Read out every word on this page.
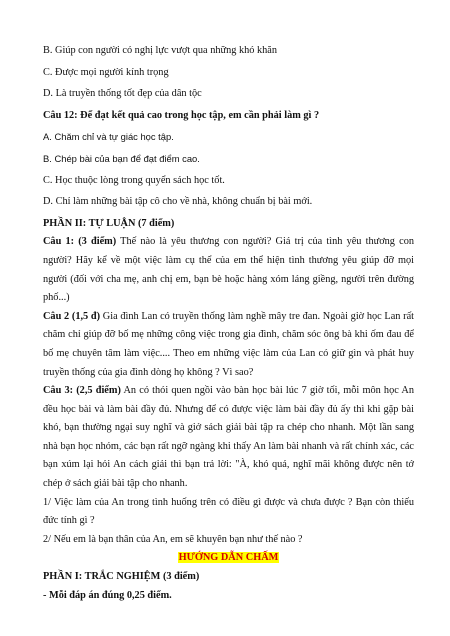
B. Giúp con người có nghị lực vượt qua những khó khăn

C. Được mọi người kính trọng

D. Là truyền thống tốt đẹp của dân tộc

Câu 12: Để đạt kết quả cao trong học tập, em cần phải làm gì ?

A. Chăm chỉ và tự giác học tập.

B. Chép bài của bạn để đạt điểm cao.

C. Học thuộc lòng trong quyển sách học tốt.

D. Chỉ làm những bài tập cô cho về nhà, không chuẩn bị bài mới.

PHẦN II: TỰ LUẬN (7 điểm)

Câu 1: (3 điểm) Thế nào là yêu thương con người? Giá trị của tình yêu thương con người? Hãy kể về một việc làm cụ thể của em thể hiện tình thương yêu giúp đỡ mọi người (đối với cha mẹ, anh chị em, bạn bè hoặc hàng xóm láng giềng, người trên đường phố...)

Câu 2 (1,5 đ) Gia đình Lan có truyền thống làm nghề mây tre đan. Ngoài giờ học Lan rất chăm chỉ giúp đỡ bố mẹ những công việc trong gia đình, chăm sóc ông bà khi ốm đau để bố mẹ chuyên tâm làm việc.... Theo em những việc làm của Lan có giữ gìn và phát huy truyền thống của gia đình dòng họ không ? Vì sao?

Câu 3: (2,5 điểm) An có thói quen ngồi vào bàn học bài lúc 7 giờ tối, mỗi môn học An đều học bài và làm bài đầy đủ. Nhưng để có được việc làm bài đầy đủ ấy thì khi gặp bài khó, bạn thường ngại suy nghĩ và giở sách giải bài tập ra chép cho nhanh. Một lần sang nhà bạn học nhóm, các bạn rất ngỡ ngàng khi thấy An làm bài nhanh và rất chính xác, các bạn xúm lại hỏi An cách giải thì bạn trả lời: "À, khó quá, nghĩ mãi không được nên tớ chép ở sách giải bài tập cho nhanh.

1/ Việc làm của An trong tình huống trên có điều gì được và chưa được ? Bạn còn thiếu đức tính gì ?

2/ Nếu em là bạn thân của An, em sẽ khuyên bạn như thế nào ?

HƯỚNG DẪN CHẤM

PHẦN I: TRẮC NGHIỆM (3 điểm)

- Mỗi đáp án đúng 0,25 điểm.
